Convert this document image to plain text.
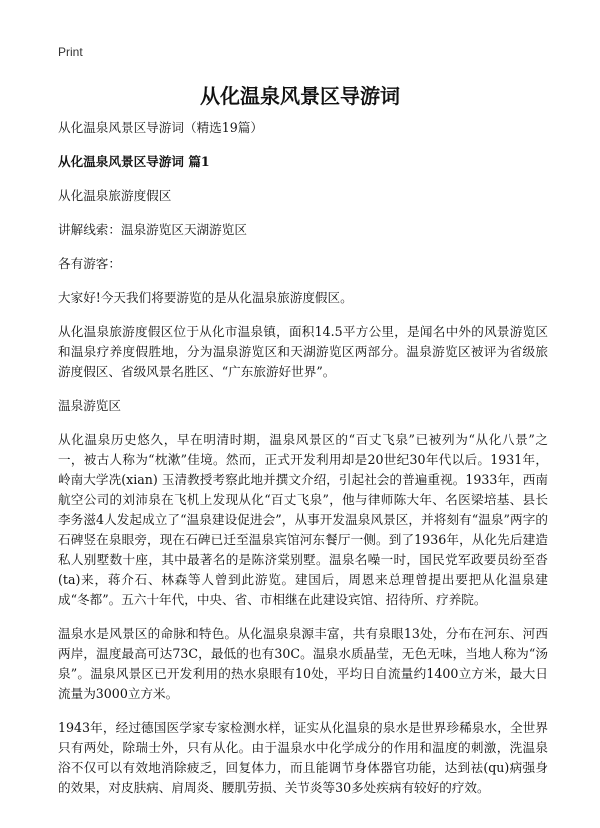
Print
从化温泉风景区导游词

从化温泉风景区导游词（精选19篇）

从化温泉风景区导游词 篇1

从化温泉旅游度假区

讲解线索：温泉游览区天湖游览区

各有游客：

大家好!今天我们将要游览的是从化温泉旅游度假区。

从化温泉旅游度假区位于从化市温泉镇，面积14.5平方公里，是闻名中外的风景游览区和温泉疗养度假胜地，分为温泉游览区和天湖游览区两部分。温泉游览区被评为省级旅游度假区、省级风景名胜区、“广东旅游好世界”。

温泉游览区

从化温泉历史悠久，早在明清时期，温泉风景区的“百丈飞泉”已被列为“从化八景”之一，被古人称为“枕漱”佳境。然而，正式开发利用却是20世纪30年代以后。1931年，岭南大学冼(xian) 玉清教授考察此地并撰文介绍，引起社会的普遍重视。1933年，西南航空公司的刘沛泉在飞机上发现从化“百丈飞泉”，他与律师陈大年、名医梁培基、县长李务滋4人发起成立了“温泉建设促进会”，从事开发温泉风景区，并将刻有“温泉”两字的石碑竖在泉眼旁，现在石碑已迁至温泉宾馆河东餐厅一侧。到了1936年，从化先后建造私人别墅数十座，其中最著名的是陈济棠别墅。温泉名噪一时，国民党军政要员纷至沓(ta)来，蒋介石、林森等人曾到此游览。建国后，周恩来总理曾提出要把从化温泉建成“冬都”。五六十年代，中央、省、市相继在此建设宾馆、招待所、疗养院。

温泉水是风景区的命脉和特色。从化温泉泉源丰富，共有泉眼13处，分布在河东、河西两岸，温度最高可达73C，最低的也有30C。温泉水质晶莹，无色无味，当地人称为“汤泉”。温泉风景区已开发利用的热水泉眼有10处，平均日自流量约1400立方米，最大日流量为3000立方米。

1943年，经过德国医学家专家检测水样，证实从化温泉的泉水是世界珍稀泉水，全世界只有两处，除瑞士外，只有从化。由于温泉水中化学成分的作用和温度的刺激，洗温泉浴不仅可以有效地消除疲乏，回复体力，而且能调节身体器官功能，达到祛(qu)病强身的效果，对皮肤病、肩周炎、腰肌劳损、关节炎等30多处疾病有较好的疗效。
